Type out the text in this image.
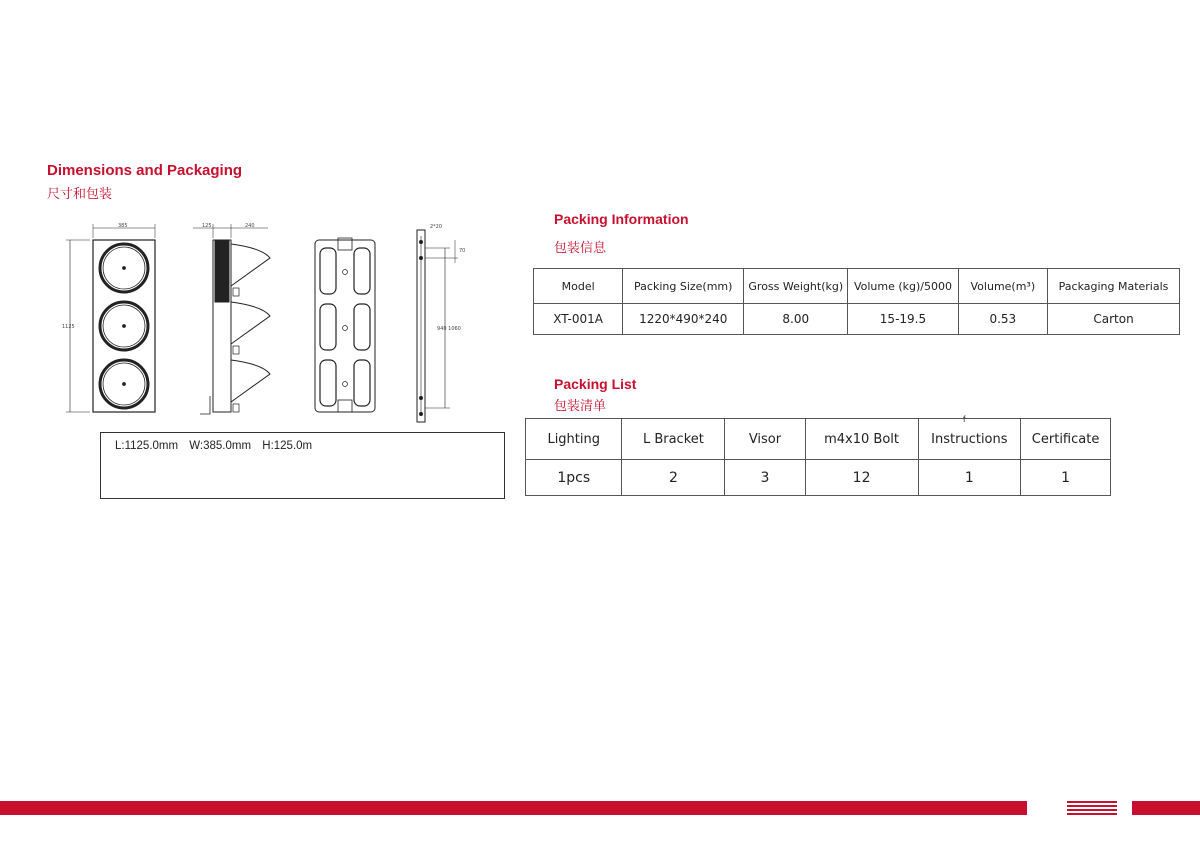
Dimensions and Packaging
尺寸和包装
385
1125
125	240	2*20
70
940 1060
L:1125.0mm W:385.0mm H:125.0m
Packing Information
包装信息
Model	Packing Size(mm)	Gross Weight(kg)	Volume (kg)/5000	Volume(m³)	Packaging Materials
XT-001A	1220*490*240	8.00	15-19.5	0.53	Carton
Packing List
包装清单
f
Lighting	L Bracket	Visor	m4x10 Bolt	Instructions	Certificate
1pcs	2	3	12	1	1
